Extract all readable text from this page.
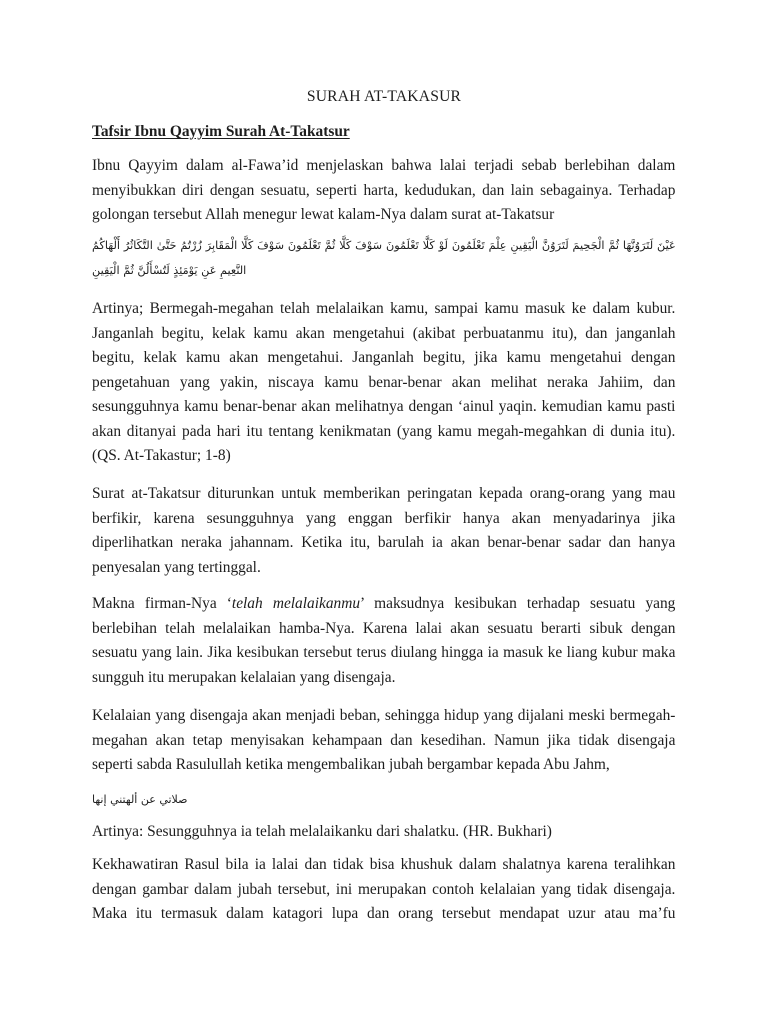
SURAH AT-TAKASUR
Tafsir Ibnu Qayyim Surah At-Takatsur
Ibnu Qayyim dalam al-Fawa’id menjelaskan bahwa lalai terjadi sebab berlebihan dalam
menyibukkan diri dengan sesuatu, seperti harta, kedudukan, dan lain sebagainya. Terhadap
golongan tersebut Allah menegur lewat kalam-Nya dalam surat at-Takatsur
أَلْهَاكُمُ التَّكَاثُرُ حَتَّىٰ زُرْتُمُ الْمَقَابِرَ كَلَّا سَوْفَ تَعْلَمُونَ ثُمَّ كَلَّا سَوْفَ تَعْلَمُونَ كَلَّا لَوْ تَعْلَمُونَ عِلْمَ الْيَقِينِ لَتَرَوُنَّ الْجَحِيمَ ثُمَّ لَتَرَوُنَّهَا عَيْنَ
الْيَقِينِ ثُمَّ لَتُسْأَلُنَّ يَوْمَئِذٍ عَنِ النَّعِيمِ
Artinya; Bermegah-megahan telah melalaikan kamu, sampai kamu masuk ke dalam kubur.
Janganlah begitu, kelak kamu akan mengetahui (akibat perbuatanmu itu), dan janganlah
begitu, kelak kamu akan mengetahui. Janganlah begitu, jika kamu mengetahui dengan
pengetahuan yang yakin, niscaya kamu benar-benar akan melihat neraka Jahiim, dan
sesungguhnya kamu benar-benar akan melihatnya dengan ‘ainul yaqin. kemudian kamu pasti
akan ditanyai pada hari itu tentang kenikmatan (yang kamu megah-megahkan di dunia itu).
(QS. At-Takastur; 1-8)
Surat at-Takatsur diturunkan untuk memberikan peringatan kepada orang-orang yang mau
berfikir, karena sesungguhnya yang enggan berfikir hanya akan menyadarinya jika
diperlihatkan neraka jahannam. Ketika itu, barulah ia akan benar-benar sadar dan hanya
penyesalan yang tertinggal.
Makna firman-Nya ‘telah melalaikanmu’ maksudnya kesibukan terhadap sesuatu yang
berlebihan telah melalaikan hamba-Nya. Karena lalai akan sesuatu berarti sibuk dengan
sesuatu yang lain. Jika kesibukan tersebut terus diulang hingga ia masuk ke liang kubur maka
sungguh itu merupakan kelalaian yang disengaja.
Kelalaian yang disengaja akan menjadi beban, sehingga hidup yang dijalani meski bermegah-
megahan akan tetap menyisakan kehampaan dan kesedihan. Namun jika tidak disengaja
seperti sabda Rasulullah ketika mengembalikan jubah bergambar kepada Abu Jahm,
إنها ألهتني عن صلاتي
Artinya: Sesungguhnya ia telah melalaikanku dari shalatku. (HR. Bukhari)
Kekhawatiran Rasul bila ia lalai dan tidak bisa khushuk dalam shalatnya karena teralihkan
dengan gambar dalam jubah tersebut, ini merupakan contoh kelalaian yang tidak disengaja.
Maka itu termasuk dalam katagori lupa dan orang tersebut mendapat uzur atau ma’fu
